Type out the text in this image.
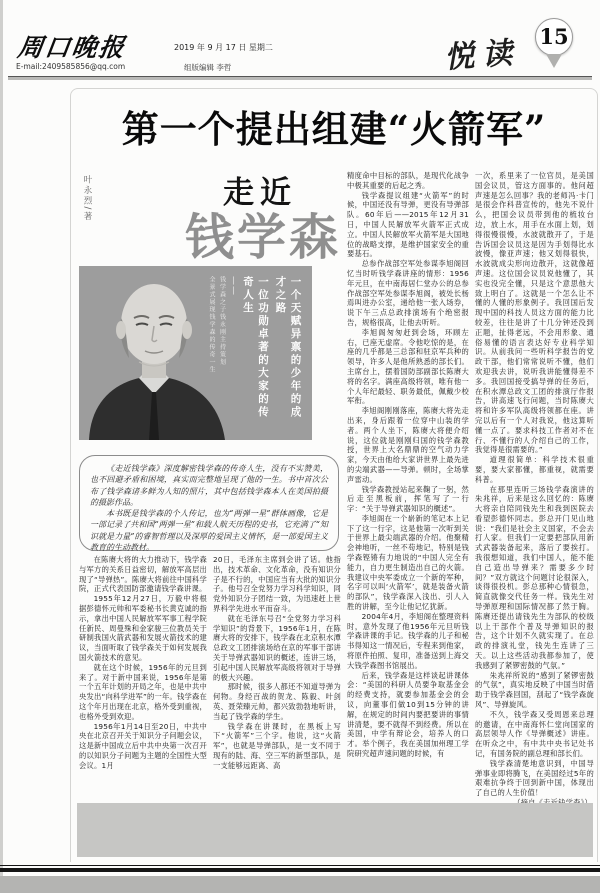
周口晚报	2019 年 9 月 17 日 星期二
E-mail:2409585856@qq.com	组版编辑 李哲	悦读 15
第一个提出组建“火箭军”
叶永烈/著	走近
钱学森
一个天赋异禀的少年的成才之路
一位功勋卓著的大家的传奇人生
——
钱学森之子钱永刚主持策划
全景式展现钱学森的传奇一生

《走近钱学森》深度解密钱学森的传奇人生，没有不实赞美，也不回避矛盾和困境，真实而完整地呈现了他的一生。书中首次公布了钱学森诸多鲜为人知的照片，其中包括钱学森本人在美国拍摄的摄影作品。

本书既是钱学森的个人传记，也为“两弹一星”群体画像，它是一部记录了共和国“两弹一星”和载人航天历程的史书，它充满了“知识就是力量”的睿智哲理以及深厚的爱国主义情怀，是一部爱国主义教育的生动教材。

在陈赓大将的大力推动下，钱学森与军方的关系日益密切，解放军高层出现了“导弹热”。陈赓大将前往中国科学院，正式代表国防部邀请钱学森讲课。

1955年12月27日，万毅中将根据彭德怀元帅和军委秘书长黄克诚的指示，拿出中国人民解放军军事工程学院任新民、周曼殊和金家骏三位教员关于研制我国火箭武器和发展火箭技术的建议，当面听取了钱学森关于如何发展我国火箭技术的意见。

就在这个时候，1956年的元旦到来了。对于新中国来说，1956年是第一个五年计划的开局之年，也是中共中央发出“向科学进军”的一年。钱学森在这个年月出现在北京，格外受到重视，也格外受到欢迎。

1956年1月14日至20日，中共中央在北京召开关于知识分子问题会议，这是新中国成立后中共中央第一次召开的以知识分子问题为主题的全国性大型会议。1月

20日，毛泽东主席到会讲了话。他指出，技术革命、文化革命，没有知识分子是不行的，中国应当有大批的知识分子。他号召全党努力学习科学知识，同党外知识分子团结一致，为迅速赶上世界科学先进水平而奋斗。

就在毛泽东号召“全党努力学习科学知识”的背景下，1956年1月，在陈赓大将的安排下，钱学森在北京积水潭总政文工团排演场给在京的军事干部讲关于导弹武器知识的概述，连讲三场，引起中国人民解放军高级将领对于导弹的极大兴趣。

那时候，很多人都还不知道导弹为何物。身经百战的贺龙、陈毅、叶剑英、聂荣臻元帅，都兴致勃勃地听讲，当起了钱学森的学生。

钱学森在讲课时，在黑板上写下“火箭军”三个字。他说，这“火箭军”，也就是导弹部队，是一支不同于现有的陆、海、空三军的新型部队，是一支能够远距离、高

精度命中目标的部队，是现代化战争中极其重要的后起之秀。

钱学森提议组建“火箭军”的时候，中国还没有导弹，更没有导弹部队。60年后——2015年12月31日，中国人民解放军火箭军正式成立。中国人民解放军火箭军是大国地位的战略支撑，是维护国家安全的重要基石。

总参作战部空军处参谋李旭阁回忆当时听钱学森讲座的情形：1956年元旦，在中南海居仁堂办公的总参作战部空军处参谋李旭阁，被处长杨焉叫进办公室，递给他一张入场券，说下午三点总政排演场有个绝密报告，规格很高，让他去听听。

李旭阁匆匆赶到会场，环顾左右，已座无虚席。令他吃惊的是，在座的几乎都是三总部和驻京军兵种的领导，许多人是他所熟悉的部长们。主席台上，摆着国防部副部长陈赓大将的名字。满座高级将领，唯有他一个人年纪最轻、职务最低，佩戴少校军衔。

李旭阁刚刚落座，陈赓大将先走出来，身后跟着一位穿中山装的学者。两个人坐下，陈赓大将便介绍说，这位就是刚刚归国的钱学森教授，世界上大名鼎鼎的空气动力学家，今天由他给大家讲世界上最先进的尖端武器——导弹。顿时，全场掌声雷动。

钱学森教授站起来鞠了一躬，然后走至黑板前，挥笔写了一行字：“关于导弹武器知识的概述”。

李旭阁在一个崭新的笔记本上记下了这一行字，这是他第一次听到关于世界上最尖端武器的介绍。他聚精会神地听，一丝不苟地记，特别是钱学森铿锵有力地说的“中国人完全有能力，自力更生制造出自己的火箭。我建议中央军委成立一个新的军种，名字可以叫‘火箭军’，就是装备火箭的部队”，钱学森深入浅出、引人入胜的讲解，至今让他记忆犹新。

2004年4月，李旭阁在整理资料时，意外发现了他1956年元旦听钱学森讲课的手记。钱学森的儿子和秘书得知这一情况后，专程来到他家，将原件拍照、复印，准备送到上海交大钱学森图书馆展出。

后来，钱学森是这样谈起讲课体会：“美国的科研人员要争取基金会的经费支持，就要参加基金会的会议，向董事们做10到15分钟的讲解，在规定的时间内要把要讲的事情讲清楚，要不就得不到经费。所以在美国，中学有辩论会，培养人的口才。举个例子，我在美国加州理工学院研究超声速问题的时候，有

一次，系里来了一位官员，是美国国会议员，管这方面事的。他问超声速是怎么回事？我的老师冯·卡门是很会作科普宣传的，他先不说什么，把国会议员带到他的梳妆台边，放上水，用手在水面上划，划得很慢很慢，水波就散开了，于是告诉国会议员这是因为手划得比水波慢，像亚声速；他又划得很快，水波就成尖形向边散开，这就像超声速。这位国会议员说他懂了，其实也没完全懂，只是这个意思他大致上明白了。这就是一个怎么让不懂的人懂的形象例子。我回国后发现中国的科技人员这方面的能力比较差，往往是讲了十几分钟还没到正题，扯得老远，不会用形象、通俗易懂的语言表达好专业科学知识。从前我问一些听科学报告的党政干部，他们常常说听不懂，他们欢迎我去讲，说听我讲能懂得差不多。我回国接受搞导弹的任务后，在积水潭总政文工团的排演厅作报告，讲高速飞行问题，当时陈赓大将和许多军队高级将领都在座。讲完以后有一个人对我说，他这算听懂一点了。要求科技工作者对不在行、不懂行的人介绍自己的工作，我觉得是很需要的。”

道理很简单：科学技术很重要，要大家都懂，都重视，就需要科普。

在那里连听三场钱学森演讲的朱兆祥，后来是这么回忆的：陈赓大将亲自陪同钱先生和我到医院去看望彭德怀同志。彭总开门见山地说：“我们是社会主义国家，不会去打人家。但我们一定要把部队用新式武器装备起来，落后了要挨打。我很想知道，我们中国人，能不能自己造出导弹来？需要多少时间？”双方就这个问题讨论很深入，谈得很投机。彭总那种心情很急，简直就像交代任务一样。钱先生对导弹原理和国际情况都了然于胸。陈赓还提出请钱先生为部队的校级以上干部作个普及导弹知识的报告，这个计划不久就实现了。在总政的排演礼堂，钱先生连讲了三天。以上这些活动我都参加了，使我感到了紧锣密鼓的气氛。”

朱兆祥所说的“感到了紧锣密鼓的气氛”，真实地反映了中国当时借助于钱学森回国，刮起了“钱学森旋风”、导弹旋风。

不久，钱学森又受周恩来总理的邀请，在中南海怀仁堂向国家的高层领导人作《导弹概述》讲座。在听众之中，有中共中央书记处书记，有国务院的副总理和部长们。

钱学森清楚地意识到，中国导弹事业即将腾飞，在美国经过5年的艰难抗争终于回到新中国，体现出了自己的人生价值！
